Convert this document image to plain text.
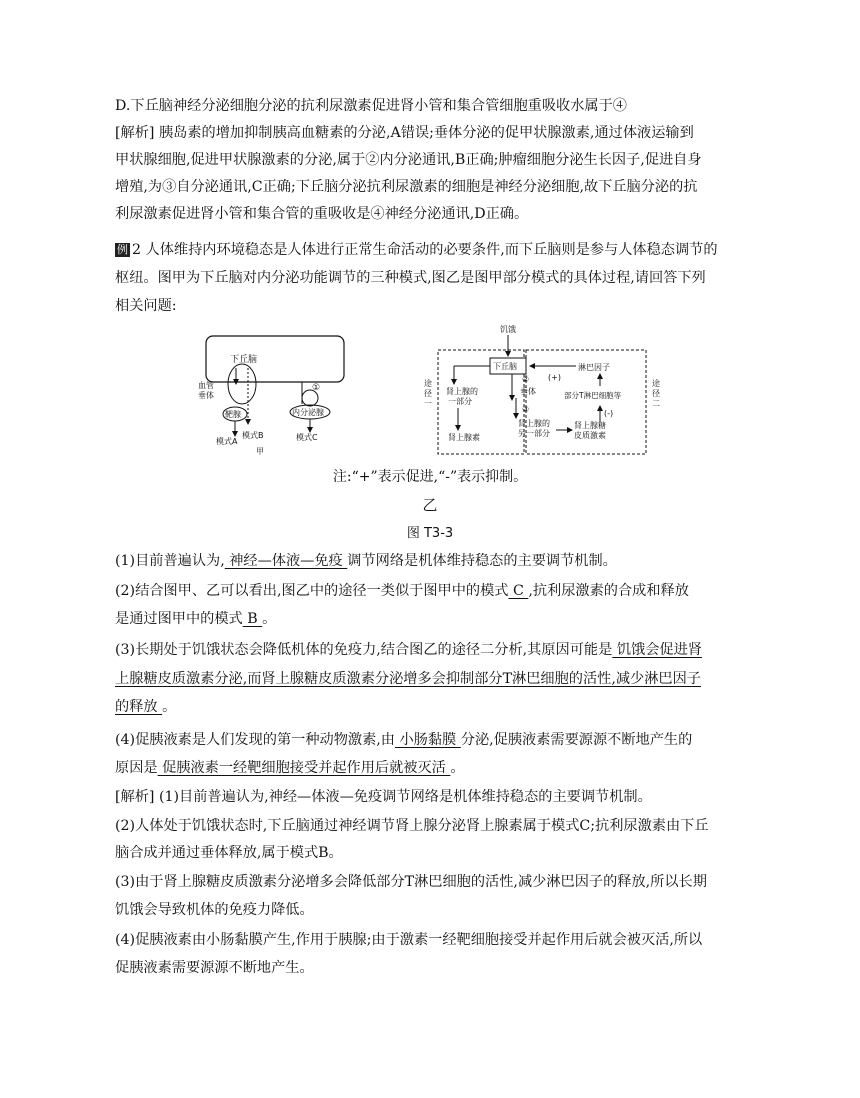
D.下丘脑神经分泌细胞分泌的抗利尿激素促进肾小管和集合管细胞重吸收水属于④
[解析] 胰岛素的增加抑制胰高血糖素的分泌,A错误;垂体分泌的促甲状腺激素,通过体液运输到
甲状腺细胞,促进甲状腺激素的分泌,属于②内分泌通讯,B正确;肿瘤细胞分泌生长因子,促进自身
增殖,为③自分泌通讯,C正确;下丘脑分泌抗利尿激素的细胞是神经分泌细胞,故下丘脑分泌的抗
利尿激素促进肾小管和集合管的重吸收是④神经分泌通讯,D正确。
例 2 人体维持内环境稳态是人体进行正常生命活动的必要条件,而下丘脑则是参与人体稳态调节的
枢纽。图甲为下丘脑对内分泌功能调节的三种模式,图乙是图甲部分模式的具体过程,请回答下列
相关问题:
下丘脑
血管
垂体
靶腺
模式A
模式B
甲
①
内分泌腺
模式C
饥饿
途
径
一
途
径
二
下丘脑
肾上腺的
一部分
肾上腺素
②
垂体
③
肾上腺的
另一部分
肾上腺糖
皮质激素
淋巴因子
(+)
部分T淋巴细胞等
(-)
注:“+”表示促进,“-”表示抑制。
乙
图 T3-3
(1)目前普遍认为, 神经—体液—免疫 调节网络是机体维持稳态的主要调节机制。
(2)结合图甲、乙可以看出,图乙中的途径一类似于图甲中的模式 C ,抗利尿激素的合成和释放
是通过图甲中的模式 B 。
(3)长期处于饥饿状态会降低机体的免疫力,结合图乙的途径二分析,其原因可能是 饥饿会促进肾
上腺糖皮质激素分泌,而肾上腺糖皮质激素分泌增多会抑制部分T淋巴细胞的活性,减少淋巴因子
的释放 。
(4)促胰液素是人们发现的第一种动物激素,由 小肠黏膜 分泌,促胰液素需要源源不断地产生的
原因是 促胰液素一经靶细胞接受并起作用后就被灭活 。
[解析] (1)目前普遍认为,神经—体液—免疫调节网络是机体维持稳态的主要调节机制。
(2)人体处于饥饿状态时,下丘脑通过神经调节肾上腺分泌肾上腺素属于模式C;抗利尿激素由下丘
脑合成并通过垂体释放,属于模式B。
(3)由于肾上腺糖皮质激素分泌增多会降低部分T淋巴细胞的活性,减少淋巴因子的释放,所以长期
饥饿会导致机体的免疫力降低。
(4)促胰液素由小肠黏膜产生,作用于胰腺;由于激素一经靶细胞接受并起作用后就会被灭活,所以
促胰液素需要源源不断地产生。
